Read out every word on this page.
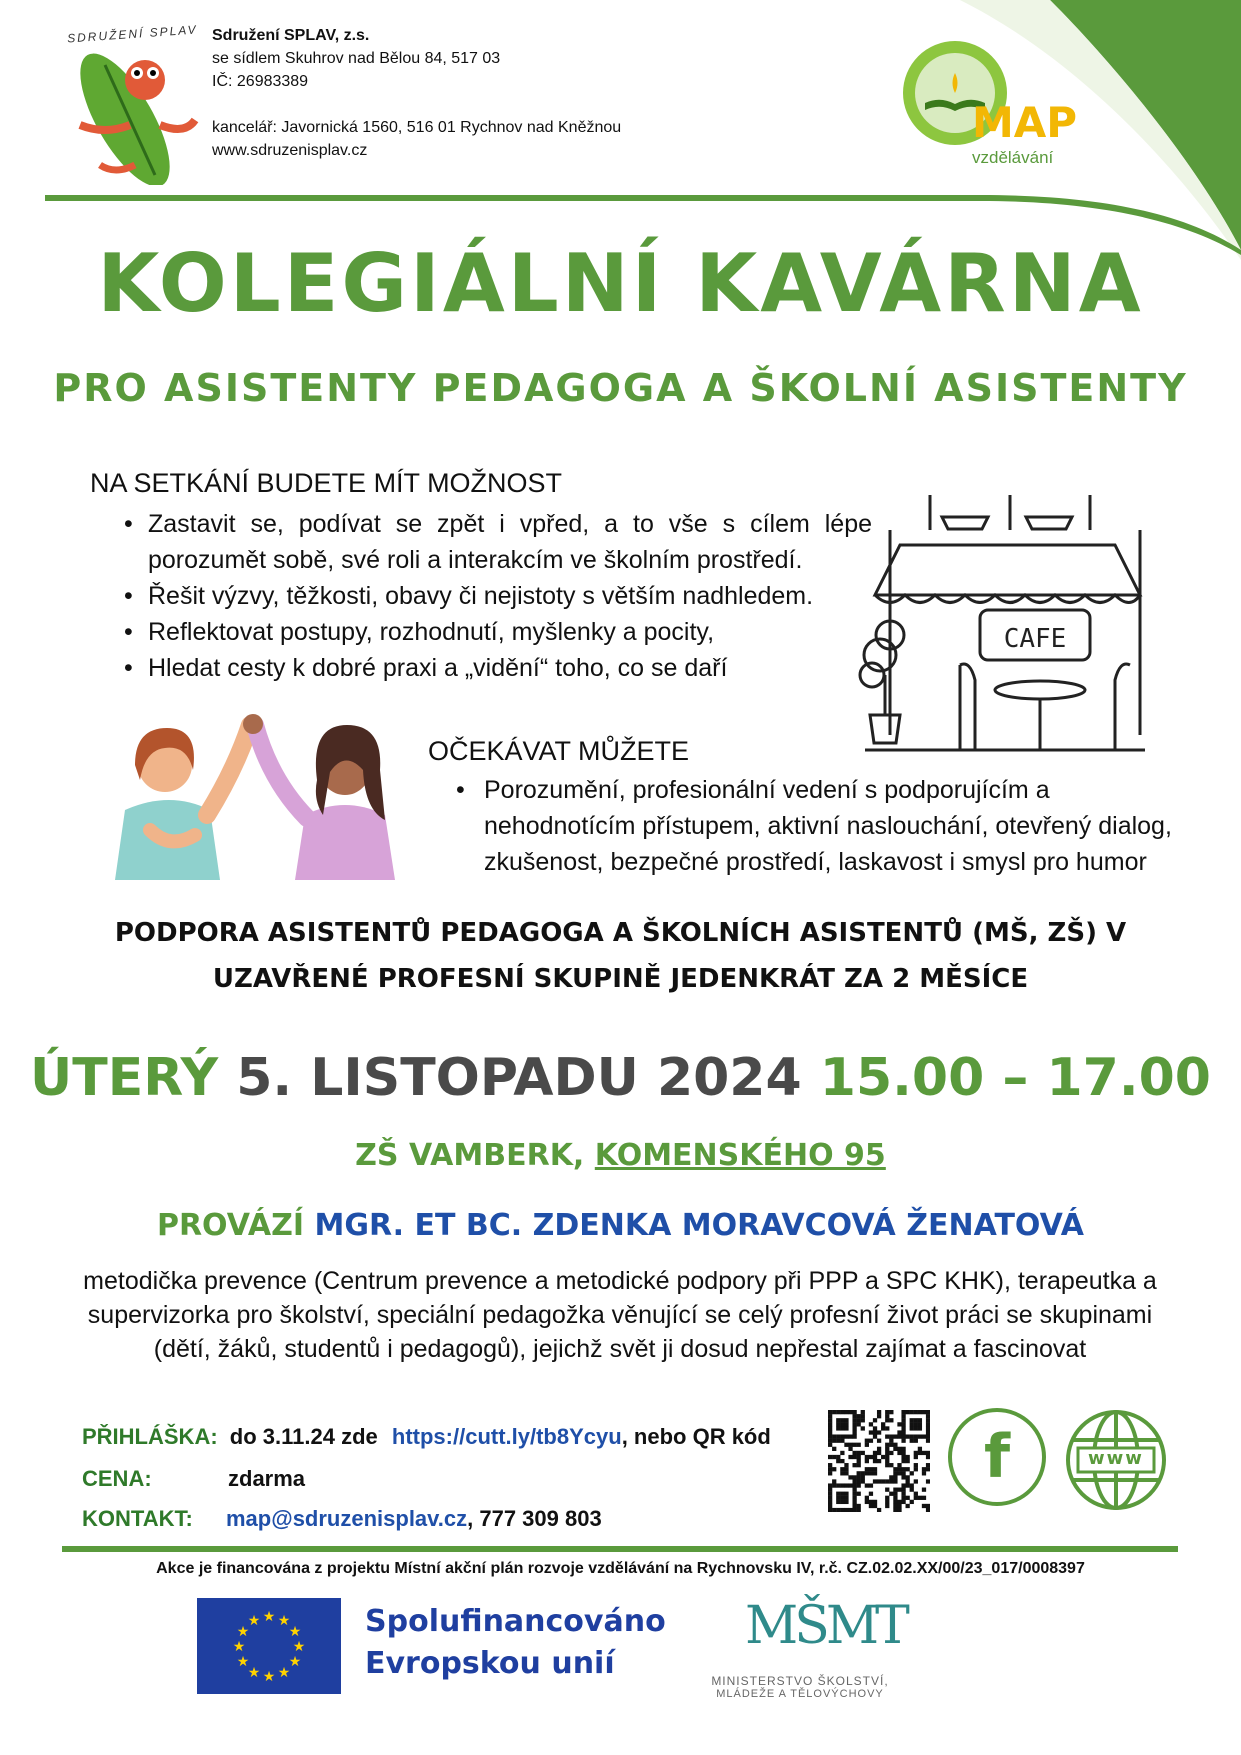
SDRUŽENÍ SPLAV Sdružení SPLAV, z.s.
se sídlem Skuhrov nad Bělou 84, 517 03
IČ: 26983389
kancelář: Javornická 1560, 516 01 Rychnov nad Kněžnou
www.sdruzenisplav.cz
MAP
vzdělávání
KOLEGIÁLNÍ KAVÁRNA
PRO ASISTENTY PEDAGOGA A ŠKOLNÍ ASISTENTY
NA SETKÁNÍ BUDETE MÍT MOŽNOST
• Zastavit se, podívat se zpět i vpřed, a to vše s cílem lépe porozumět sobě, své roli a interakcím ve školním prostředí.
• Řešit výzvy, těžkosti, obavy či nejistoty s větším nadhledem.
• Reflektovat postupy, rozhodnutí, myšlenky a pocity,
• Hledat cesty k dobré praxi a „vidění“ toho, co se daří
CAFE
OČEKÁVAT MŮŽETE
• Porozumění, profesionální vedení s podporujícím a nehodnotícím přístupem, aktivní naslouchání, otevřený dialog, zkušenost, bezpečné prostředí, laskavost i smysl pro humor
PODPORA ASISTENTŮ PEDAGOGA A ŠKOLNÍCH ASISTENTŮ (MŠ, ZŠ) V
UZAVŘENÉ PROFESNÍ SKUPINĚ JEDENKRÁT ZA 2 MĚSÍCE
ÚTERÝ 5. LISTOPADU 2024 15.00 – 17.00
ZŠ VAMBERK, KOMENSKÉHO 95
PROVÁZÍ MGR. ET BC. ZDENKA MORAVCOVÁ ŽENATOVÁ
metodička prevence (Centrum prevence a metodické podpory při PPP a SPC KHK), terapeutka a supervizorka pro školství, speciální pedagožka věnující se celý profesní život práci se skupinami (dětí, žáků, studentů i pedagogů), jejichž svět ji dosud nepřestal zajímat a fascinovat
PŘIHLÁŠKA: do 3.11.24 zde https://cutt.ly/tb8Ycyu, nebo QR kód
CENA:	zdarma
KONTAKT: map@sdruzenisplav.cz, 777 309 803
f	www
Akce je financována z projektu Místní akční plán rozvoje vzdělávání na Rychnovsku IV, r.č. CZ.02.02.XX/00/23_017/0008397
★ ★
★
★
★
★
★
★
★
★
★
★	Spolufinancováno
Evropskou unií
MŠMT
MINISTERSTVO ŠKOLSTVÍ,
MLÁDEŽE A TĚLOVÝCHOVY
